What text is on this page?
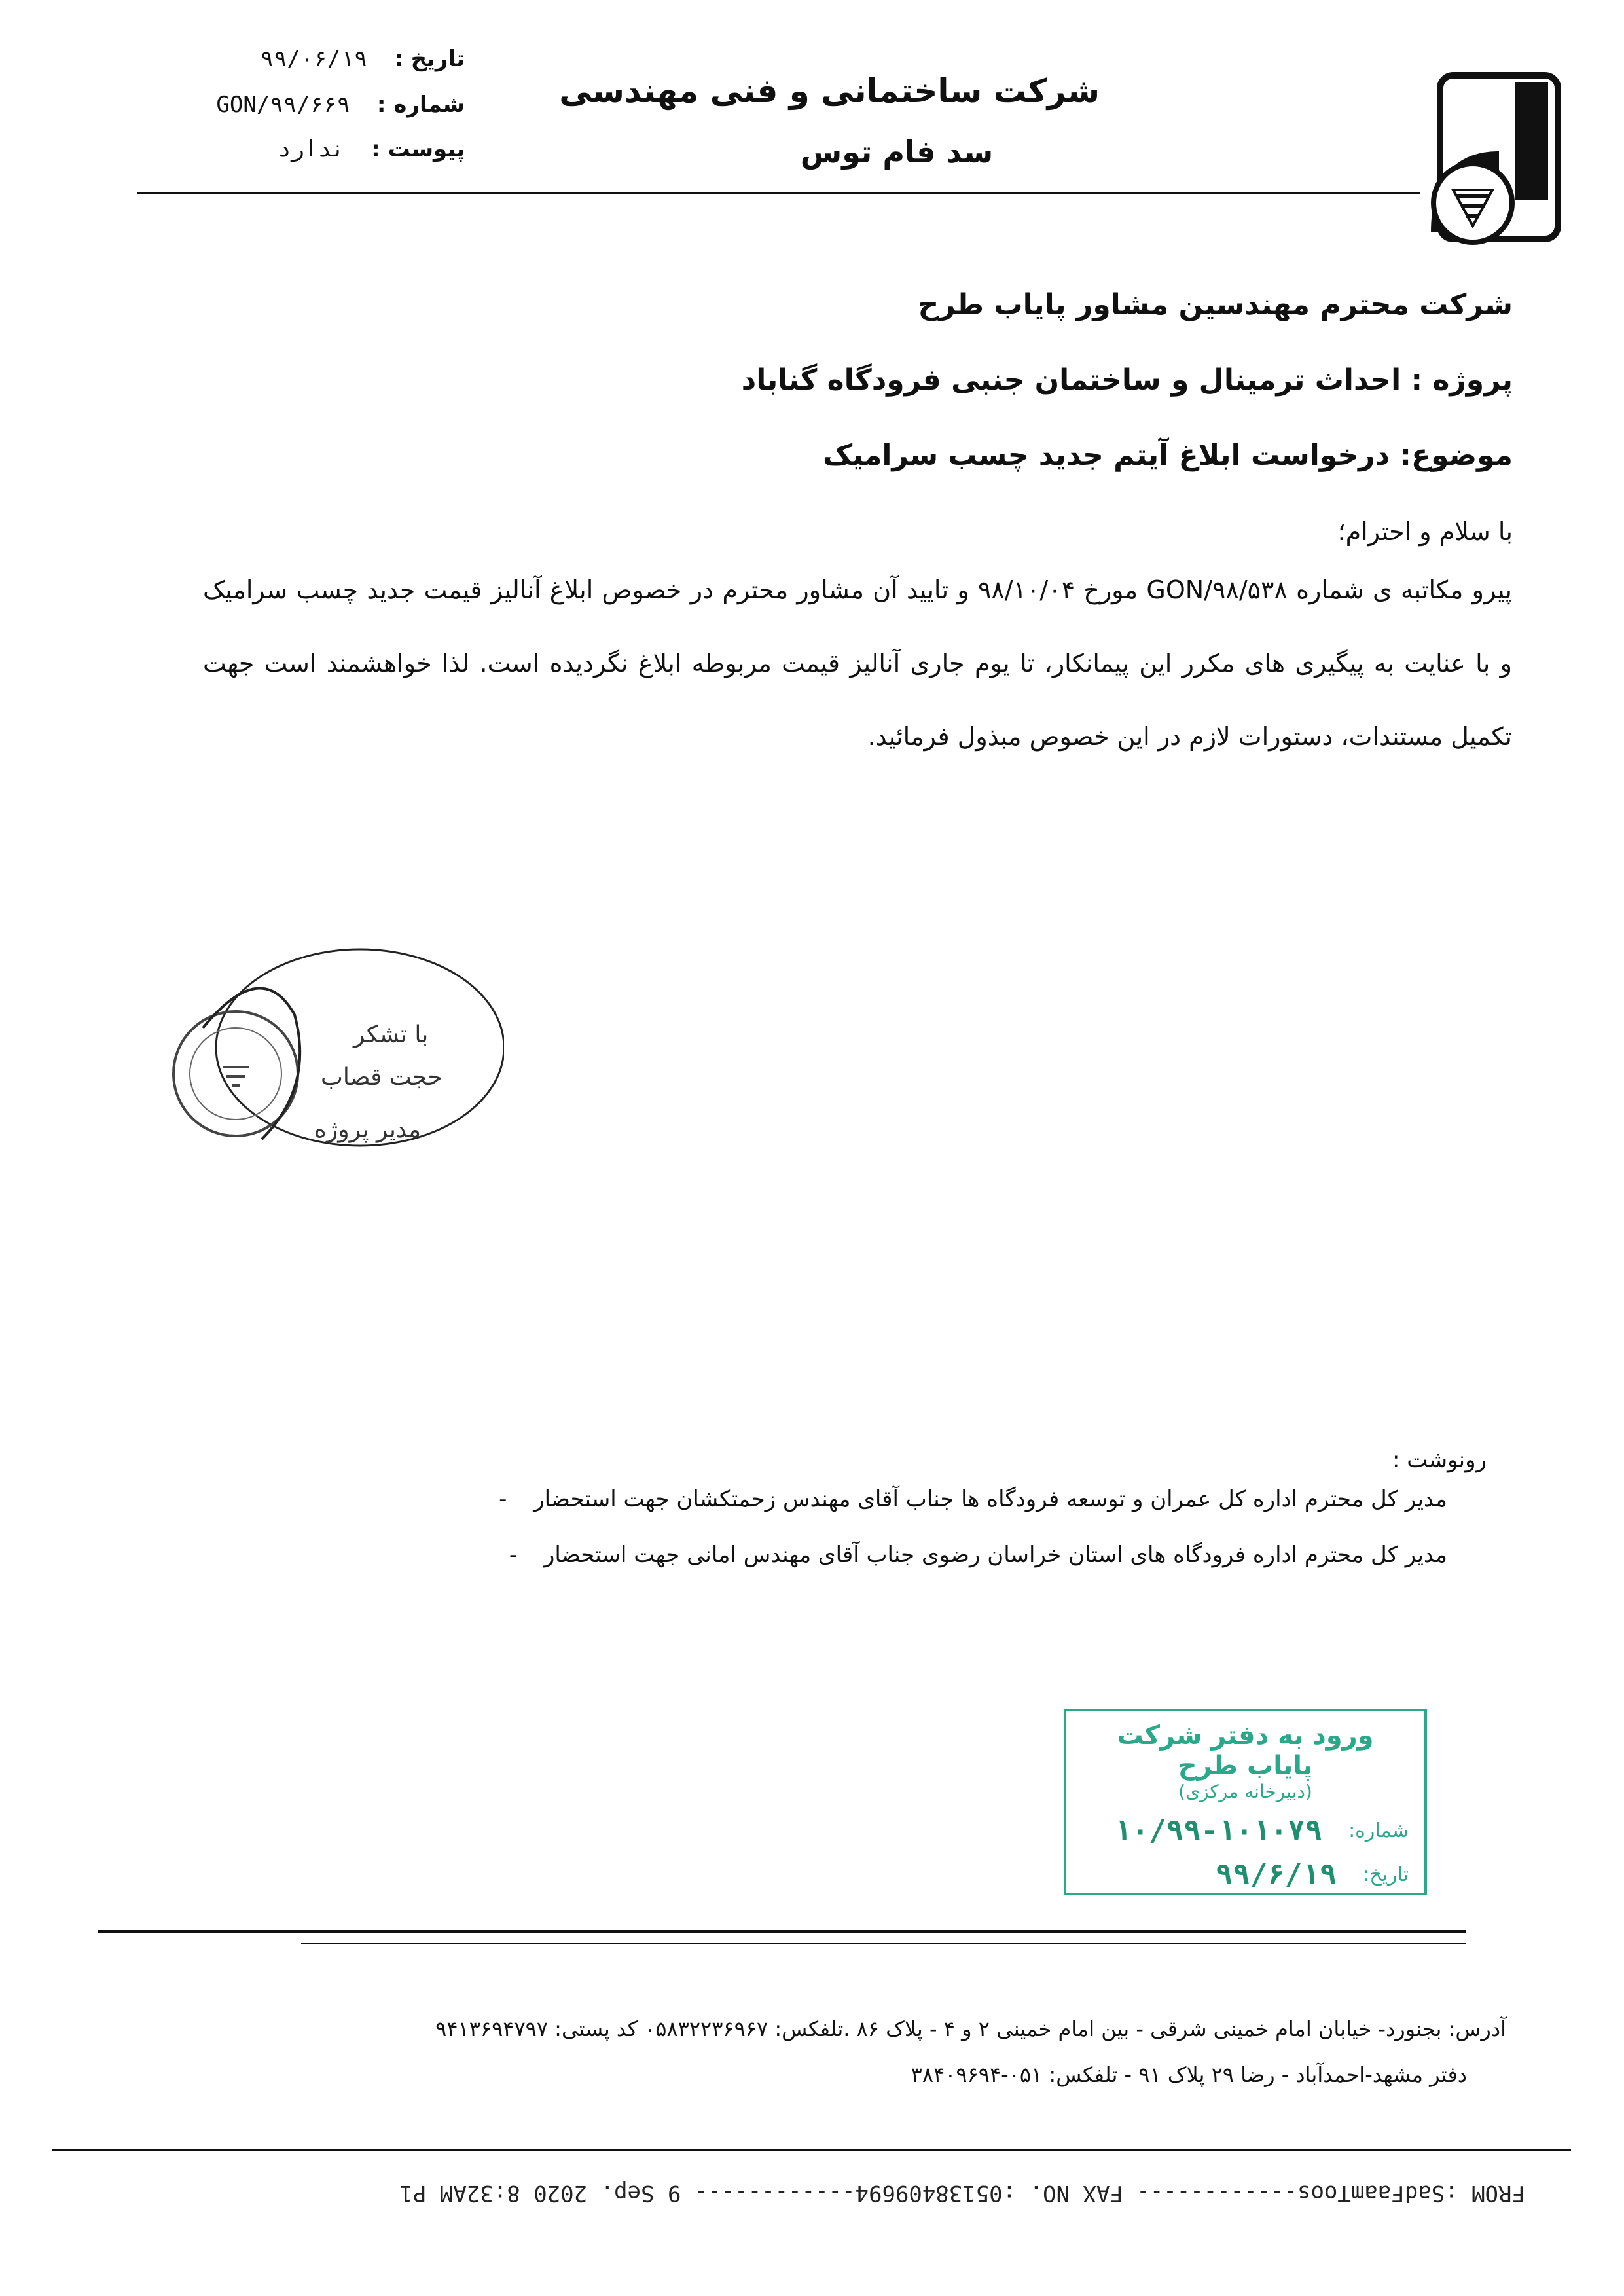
تاریخ : ۹۹/۰۶/۱۹
شماره : GON/۹۹/۶۶۹
پیوست : ندارد
شرکت ساختمانی و فنی مهندسی
سد فام توس
شرکت محترم مهندسین مشاور پایاب طرح
پروژه : احداث ترمینال و ساختمان جنبی فرودگاه گناباد
موضوع: درخواست ابلاغ آیتم جدید چسب سرامیک
با سلام و احترام؛
پیرو مکاتبه ی شماره GON/۹۸/۵۳۸ مورخ ۹۸/۱۰/۰۴ و تایید آن مشاور محترم در خصوص ابلاغ آنالیز قیمت جدید چسب سرامیک و با عنایت به پیگیری های مکرر این پیمانکار، تا یوم جاری آنالیز قیمت مربوطه ابلاغ نگردیده است. لذا خواهشمند است جهت تکمیل مستندات، دستورات لازم در این خصوص مبذول فرمائید.
با تشکر
حجت قصاب
مدیر پروژه
رونوشت :
مدیر کل محترم اداره کل عمران و توسعه فرودگاه ها جناب آقای مهندس زحمتکشان جهت استحضار -
مدیر کل محترم اداره فرودگاه های استان خراسان رضوی جناب آقای مهندس امانی جهت استحضار -
ورود به دفتر شرکت پایاب طرح
(دبیرخانه مرکزی)
شماره:
۱۰/۹۹-۱۰۱۰۷۹
تاریخ:
۹۹/۶/۱۹
آدرس: بجنورد- خیابان امام خمینی شرقی - بین امام خمینی ۲ و ۴ - پلاک ۸۶ .تلفکس: ۰۵۸۳۲۲۳۶۹۶۷ کد پستی: ۹۴۱۳۶۹۴۷۹۷
دفتر مشهد-احمدآباد - رضا ۲۹ پلاک ۹۱ - تلفکس: ۰۵۱-۳۸۴۰۹۶۹۴
FROM :SadFaamToos------------ FAX NO. :05138409694------------ 9 Sep. 2020 8:32AM P1
